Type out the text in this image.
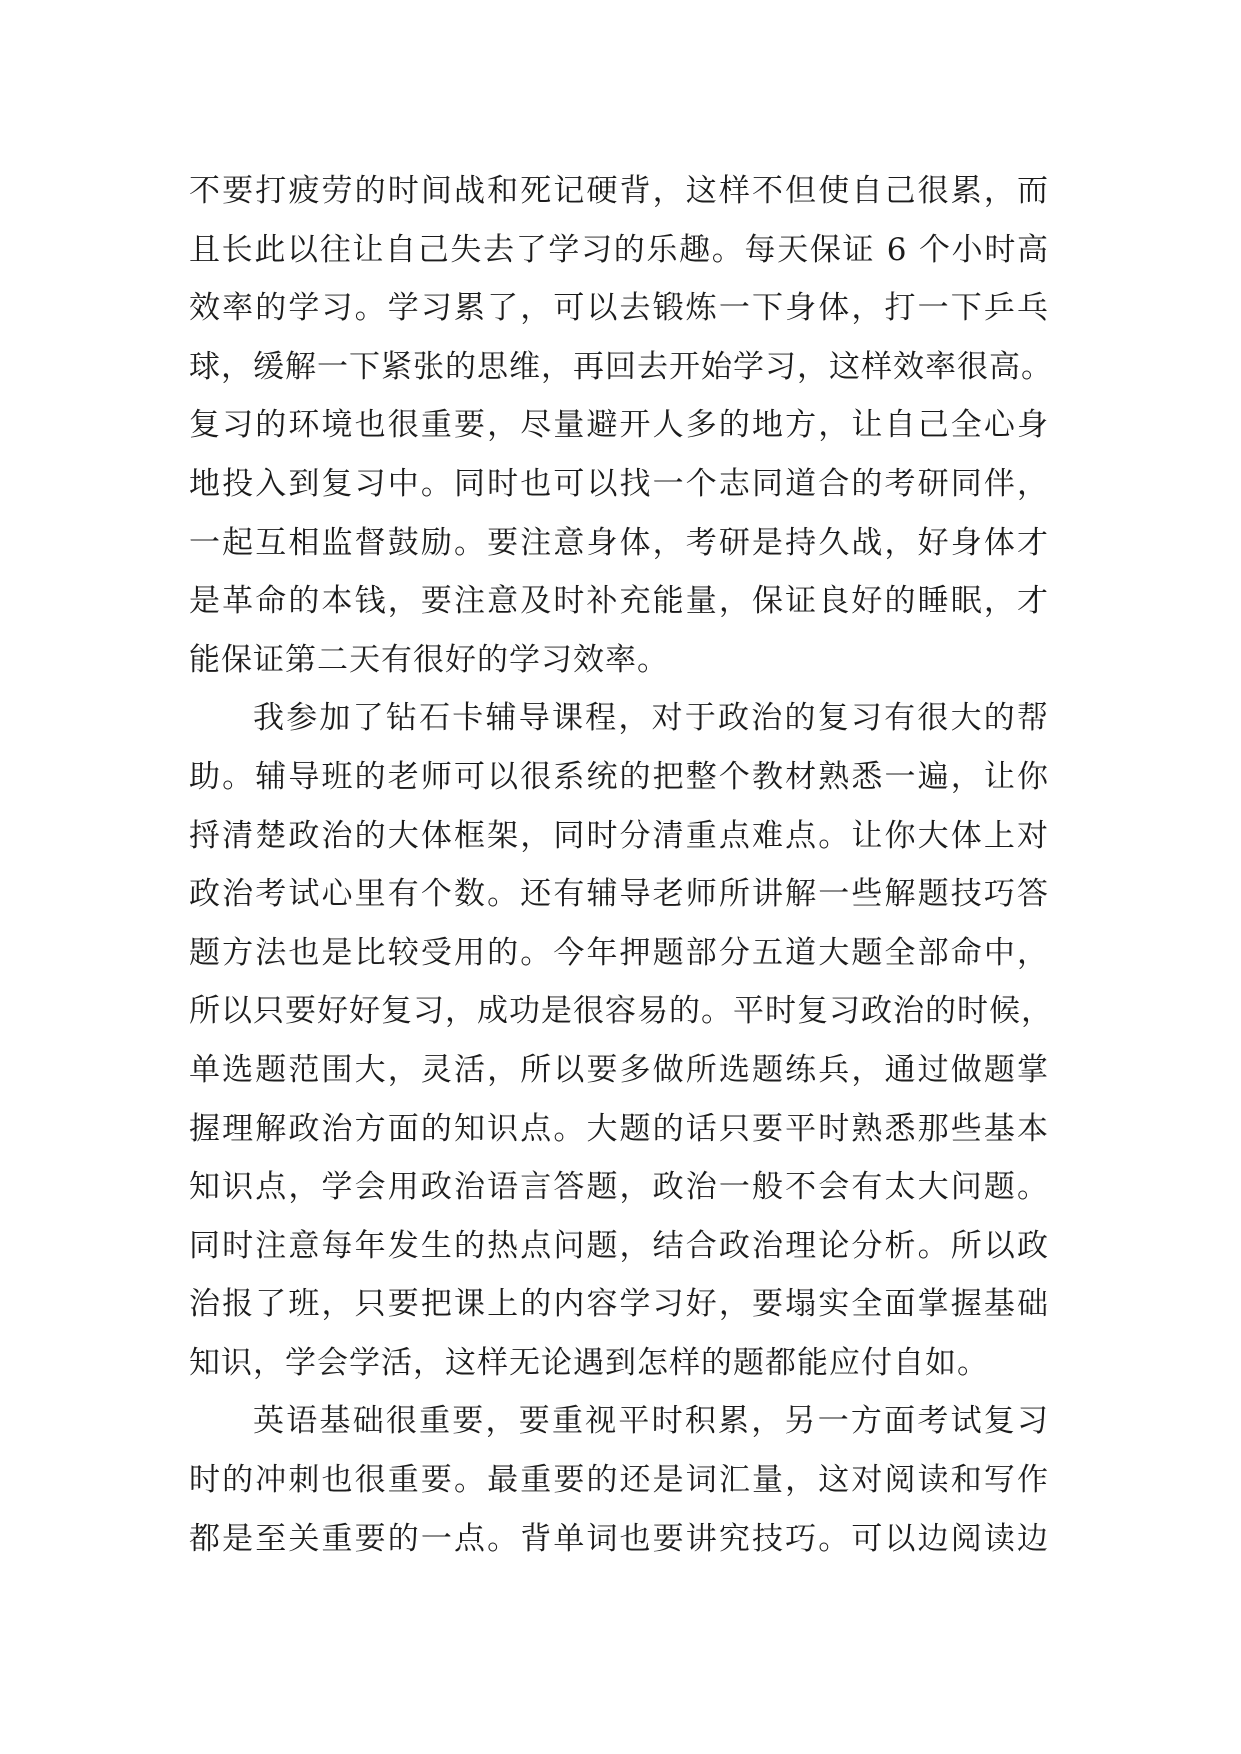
不要打疲劳的时间战和死记硬背，这样不但使自己很累，而
且长此以往让自己失去了学习的乐趣。每天保证 6 个小时高
效率的学习。学习累了，可以去锻炼一下身体，打一下乒乓
球，缓解一下紧张的思维，再回去开始学习，这样效率很高。
复习的环境也很重要，尽量避开人多的地方，让自己全心身
地投入到复习中。同时也可以找一个志同道合的考研同伴，
一起互相监督鼓励。要注意身体，考研是持久战，好身体才
是革命的本钱，要注意及时补充能量，保证良好的睡眠，才
能保证第二天有很好的学习效率。
我参加了钻石卡辅导课程，对于政治的复习有很大的帮
助。辅导班的老师可以很系统的把整个教材熟悉一遍，让你
捋清楚政治的大体框架，同时分清重点难点。让你大体上对
政治考试心里有个数。还有辅导老师所讲解一些解题技巧答
题方法也是比较受用的。今年押题部分五道大题全部命中，
所以只要好好复习，成功是很容易的。平时复习政治的时候，
单选题范围大，灵活，所以要多做所选题练兵，通过做题掌
握理解政治方面的知识点。大题的话只要平时熟悉那些基本
知识点，学会用政治语言答题，政治一般不会有太大问题。
同时注意每年发生的热点问题，结合政治理论分析。所以政
治报了班，只要把课上的内容学习好，要塌实全面掌握基础
知识，学会学活，这样无论遇到怎样的题都能应付自如。
英语基础很重要，要重视平时积累，另一方面考试复习
时的冲刺也很重要。最重要的还是词汇量，这对阅读和写作
都是至关重要的一点。背单词也要讲究技巧。可以边阅读边
